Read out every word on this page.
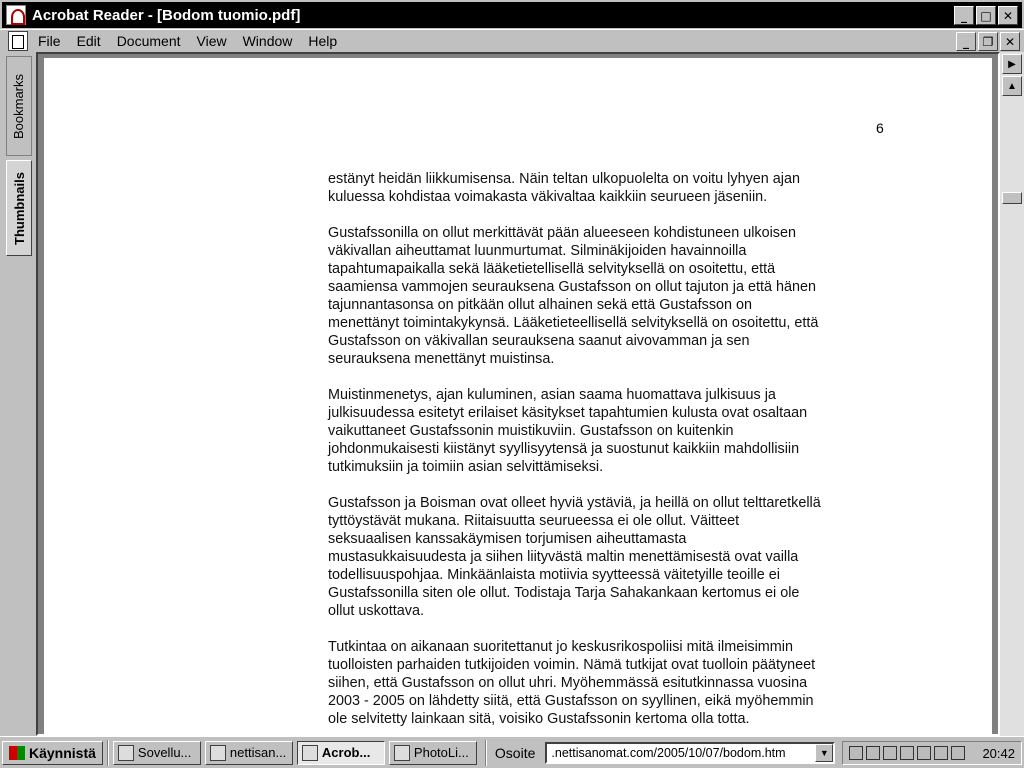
Acrobat Reader - [Bodom tuomio.pdf]	_	□ ✕
File Edit Document View Window Help	_	❐ ✕
Bookmarks
Thumbnails
6
estänyt heidän liikkumisensa. Näin teltan ulkopuolelta on voitu lyhyen ajan
kuluessa kohdistaa voimakasta väkivaltaa kaikkiin seurueen jäseniin.
Gustafssonilla on ollut merkittävät pään alueeseen kohdistuneen ulkoisen
väkivallan aiheuttamat luunmurtumat. Silminäkijoiden havainnoilla
tapahtumapaikalla sekä lääketietellisellä selvityksellä on osoitettu, että
saamiensa vammojen seurauksena Gustafsson on ollut tajuton ja että hänen
tajunnantasonsa on pitkään ollut alhainen sekä että Gustafsson on
menettänyt toimintakykynsä. Lääketieteellisellä selvityksellä on osoitettu, että
Gustafsson on väkivallan seurauksena saanut aivovamman ja sen
seurauksena menettänyt muistinsa.
Muistinmenetys, ajan kuluminen, asian saama huomattava julkisuus ja
julkisuudessa esitetyt erilaiset käsitykset tapahtumien kulusta ovat osaltaan
vaikuttaneet Gustafssonin muistikuviin. Gustafsson on kuitenkin
johdonmukaisesti kiistänyt syyllisyytensä ja suostunut kaikkiin mahdollisiin
tutkimuksiin ja toimiin asian selvittämiseksi.
Gustafsson ja Boisman ovat olleet hyviä ystäviä, ja heillä on ollut telttaretkellä
tyttöystävät mukana. Riitaisuutta seurueessa ei ole ollut. Väitteet
seksuaalisen kanssakäymisen torjumisen aiheuttamasta
mustasukkaisuudesta ja siihen liityvästä maltin menettämisestä ovat vailla
todellisuuspohjaa. Minkäänlaista motiivia syytteessä väitetyille teoille ei
Gustafssonilla siten ole ollut. Todistaja Tarja Sahakankaan kertomus ei ole
ollut uskottava.
Tutkintaa on aikanaan suoritettanut jo keskusrikospoliisi mitä ilmeisimmin
tuolloisten parhaiden tutkijoiden voimin. Nämä tutkijat ovat tuolloin päätyneet
siihen, että Gustafsson on ollut uhri. Myöhemmässä esitutkinnassa vuosina
2003 - 2005 on lähdetty siitä, että Gustafsson on syyllinen, eikä myöhemmin
ole selvitetty lainkaan sitä, voisiko Gustafssonin kertoma olla totta.
▶
▲
Käynnistä	Sovellu...	nettisan...	Acrob...	PhotoLi... Osoite .nettisanomat.com/2005/10/07/bodom.htm	▼	20:42
